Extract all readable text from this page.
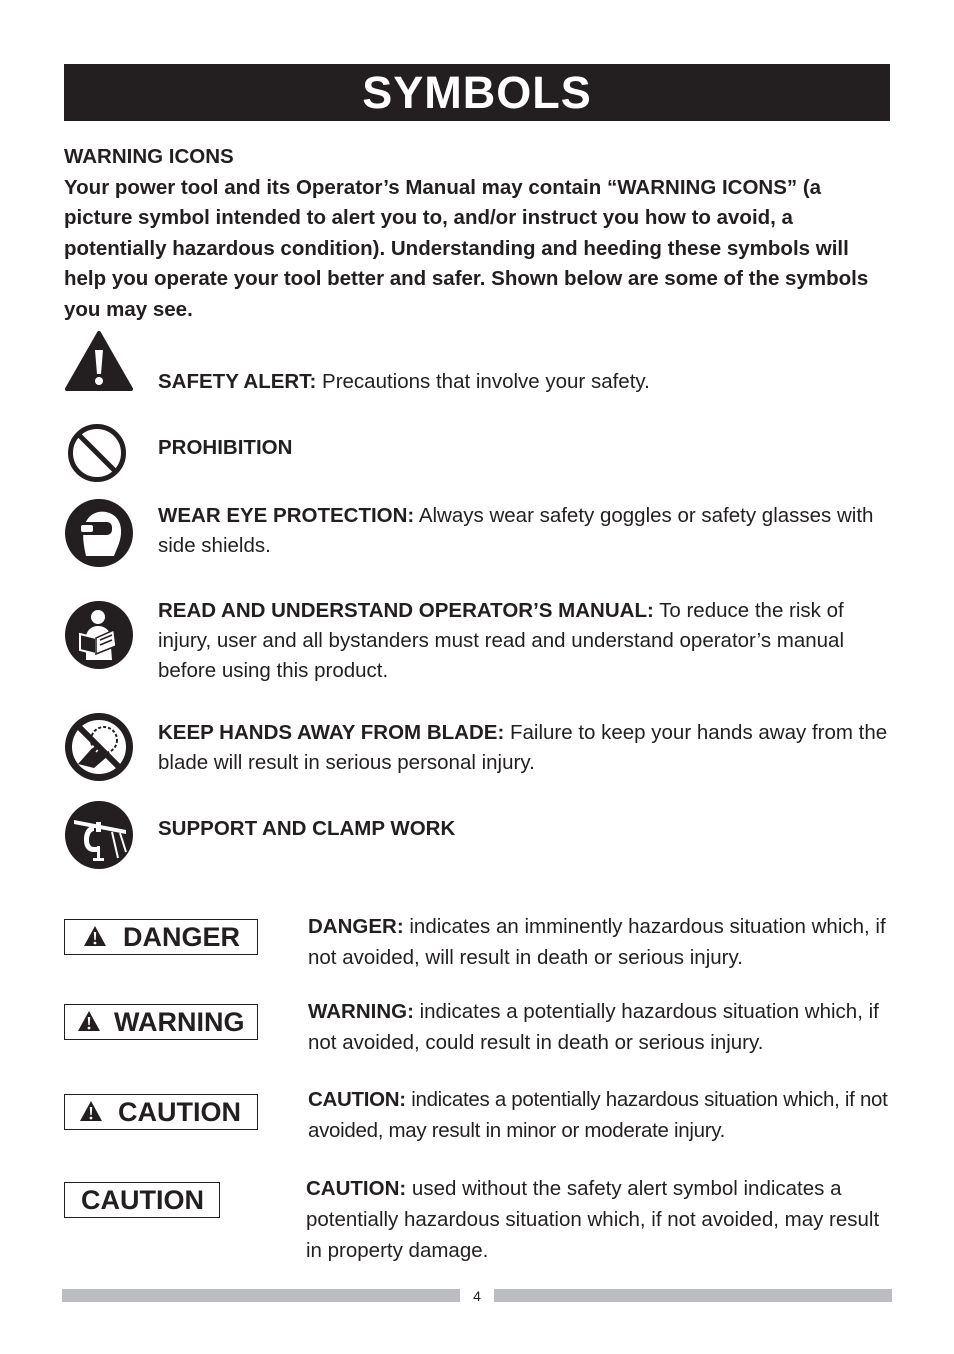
SYMBOLS

WARNING ICONS

Your power tool and its Operator’s Manual may contain “WARNING ICONS” (a picture symbol intended to alert you to, and/or instruct you how to avoid, a potentially hazardous condition). Understanding and heeding these symbols will help you operate your tool better and safer. Shown below are some of the symbols you may see.

SAFETY ALERT: Precautions that involve your safety.
PROHIBITION
WEAR EYE PROTECTION: Always wear safety goggles or safety glasses with side shields.
READ AND UNDERSTAND OPERATOR’S MANUAL: To reduce the risk of injury, user and all bystanders must read and understand operator’s manual before using this product.
KEEP HANDS AWAY FROM BLADE: Failure to keep your hands away from the blade will result in serious personal injury.
SUPPORT AND CLAMP WORK
DANGER	DANGER: indicates an imminently hazardous situation which, if not avoided, will result in death or serious injury.
WARNING	WARNING: indicates a potentially hazardous situation which, if not avoided, could result in death or serious injury.
CAUTION	CAUTION: indicates a potentially hazardous situation which, if not avoided, may result in minor or moderate injury.
CAUTION	CAUTION: used without the safety alert symbol indicates a potentially hazardous situation which, if not avoided, may result in property damage.
4
